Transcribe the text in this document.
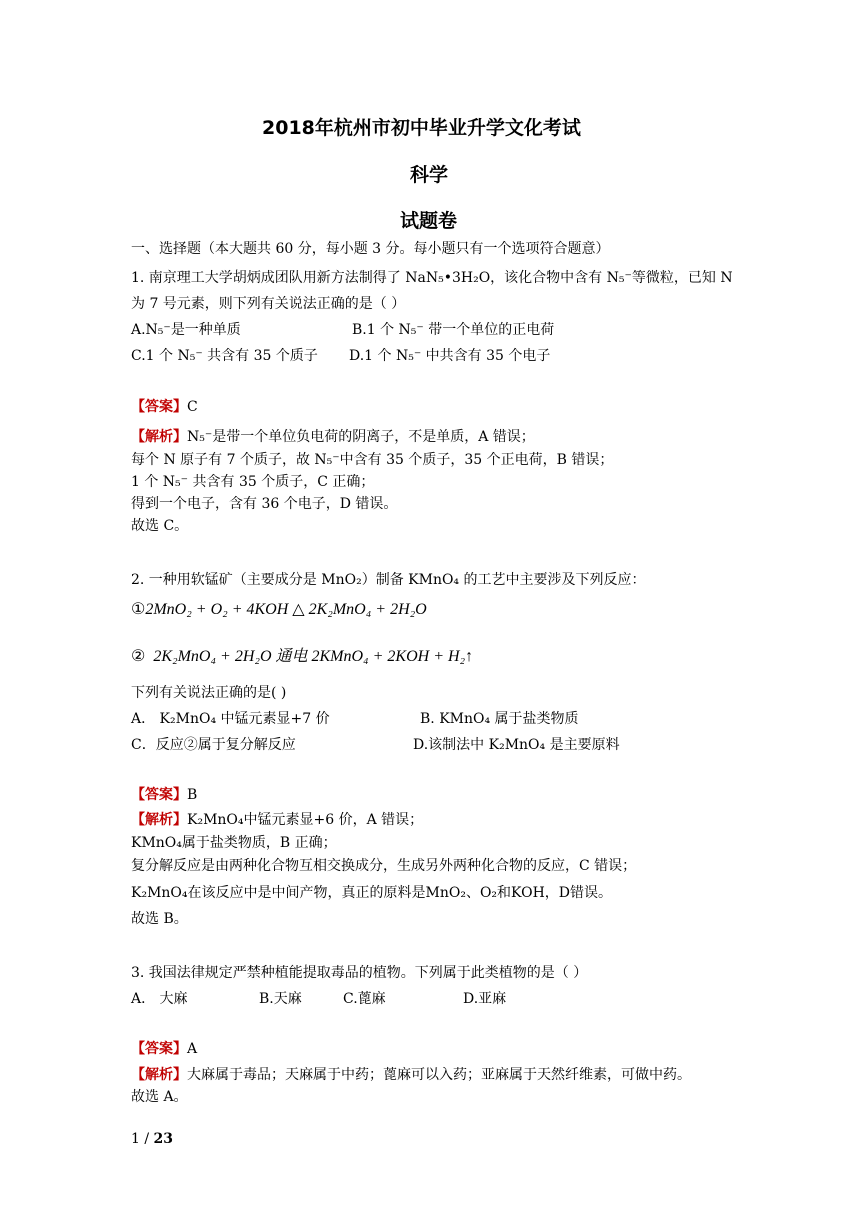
2018年杭州市初中毕业升学文化考试
科学
试题卷
一、选择题（本大题共 60 分，每小题 3 分。每小题只有一个选项符合题意）
1. 南京理工大学胡炳成团队用新方法制得了 NaN₅•3H₂O，该化合物中含有 N₅⁻等微粒，已知 N
为 7 号元素，则下列有关说法正确的是（ ）
A.N₅⁻是一种单质	B.1 个 N₅⁻ 带一个单位的正电荷
C.1 个 N₅⁻ 共含有 35 个质子 D.1 个 N₅⁻ 中共含有 35 个电子
【答案】C
【解析】N₅⁻是带一个单位负电荷的阴离子，不是单质，A 错误；
每个 N 原子有 7 个质子，故 N₅⁻中含有 35 个质子，35 个正电荷，B 错误；
1 个 N₅⁻ 共含有 35 个质子，C 正确；
得到一个电子，含有 36 个电子，D 错误。
故选 C。
2. 一种用软锰矿（主要成分是 MnO₂）制备 KMnO₄ 的工艺中主要涉及下列反应：
①2MnO₂ + O₂ + 4KOH △ 2K₂MnO₄ + 2H₂O
② 2K₂MnO₄ + 2H₂O 通电 2KMnO₄ + 2KOH + H₂↑
下列有关说法正确的是( )
A． K₂MnO₄ 中锰元素显+7 价	B. KMnO₄ 属于盐类物质
C．反应②属于复分解反应	D.该制法中 K₂MnO₄ 是主要原料
【答案】B
【解析】K₂MnO₄中锰元素显+6 价，A 错误；
KMnO₄属于盐类物质，B 正确；
复分解反应是由两种化合物互相交换成分，生成另外两种化合物的反应，C 错误；
K₂MnO₄在该反应中是中间产物，真正的原料是MnO₂、O₂和KOH，D错误。
故选 B。
3. 我国法律规定严禁种植能提取毒品的植物。下列属于此类植物的是（ ）
A． 大麻	B.天麻	C.蓖麻	D.亚麻
【答案】A
【解析】大麻属于毒品；天麻属于中药；蓖麻可以入药；亚麻属于天然纤维素，可做中药。
故选 A。
1 / 23
